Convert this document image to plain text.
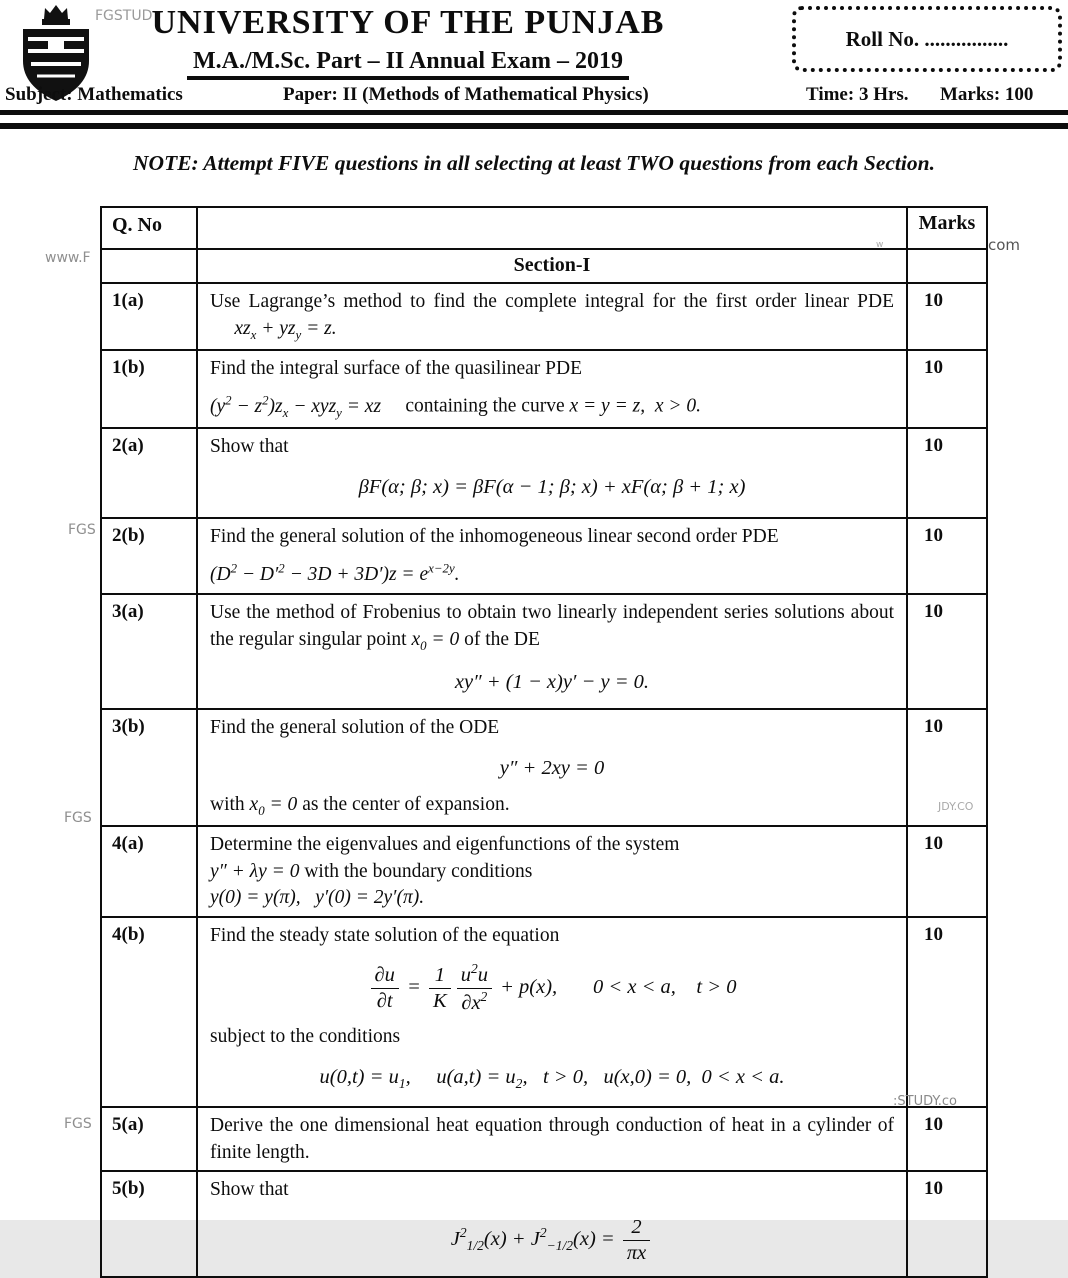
FGSTUD UNIVERSITY OF THE PUNJAB
M.A./M.Sc. Part – II Annual Exam – 2019
Roll No. ................
Subject: Mathematics	Paper: II (Methods of Mathematical Physics)	Time: 3 Hrs. Marks: 100
NOTE: Attempt FIVE questions in all selecting at least TWO questions from each Section.
Q. No		Marks
	Section-I	
1(a)	Use Lagrange’s method to find the complete integral for the first order linear PDE      $xz_x + yz_y = z$.	10
1(b)	Find the integral surface of the quasilinear PDE
$(y^2 - z^2)z_x - xyz_y$ = xz     containing the curve x = y = z,  x > 0.	10
2(a)	Show that
βF(α; β; x) = βF(α − 1; β; x) + xF(α; β + 1; x)	10
2(b)	Find the general solution of the inhomogeneous linear second order PDE
$(D^2 - D'^2 - 3D + 3D')z = e^{x-2y}$.	10
3(a)	Use the method of Frobenius to obtain two linearly independent series solutions about the regular singular point $x_0 = 0$ of the DE
xy″ + (1 − x)y′ − y = 0.	10
3(b)	Find the general solution of the ODE
y″ + 2xy = 0
with $x_0 = 0$ as the center of expansion.	10
4(a)	Determine the eigenvalues and eigenfunctions of the system
y″ + λy = 0 with the boundary conditions
y(0) = y(π),   y′(0) = 2y′(π).	10
4(b)	Find the steady state solution of the equation
$\frac{\partial u}{\partial t} = \frac{1}{K} \frac{u^2u}{\partial x^2} + p(x)$,       0 < x < a,    t > 0
subject to the conditions
$u(0,t) = u_1$,     $u(a,t) = u_2$,   t > 0,   u(x,0) = 0,  0 < x < a.
	10
5(a)	Derive the one dimensional heat equation through conduction of heat in a cylinder of finite length.	10
5(b)	Show that
$J^2_{1/2}(x) + J^2_{-1/2}(x) = \frac{2}{\pi x}$	10
www.F
FGS
FGS
FGS
com
w
JDY.CO
:STUDY.co
